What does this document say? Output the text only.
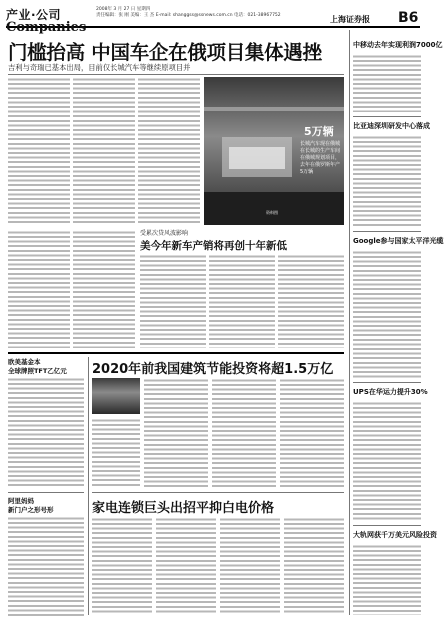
产业·公司
Companies
2008年 3 月 27 日 星期四
责任编辑：张 刚 美编：王 杰 E-mail: shanggss@ssnews.com.cn 电话：021-38967752	上海证券报 B6
门槛抬高 中国车企在俄项目集体遇挫
吉利与奇瑞已基本出局，目前仅长城汽车等继续原项目并
5万辆
长城汽车现在俄城在长城的生产车间在俄城规划项目，去年在俄罗斯年产5万辆
资料图
受累次贷风波影响
美今年新车产销将再创十年新低
欧美基金本
全球牌照TFT乙亿元
阿里妈妈
新门户之形号形
2020年前我国建筑节能投资将超1.5万亿
家电连锁巨头出招平抑白电价格
中移动去年实现利润7000亿
比亚迪深圳研发中心落成
Google参与国家太平洋光缆
UPS在华运力提升30%
大轨网获千万美元风险投资
